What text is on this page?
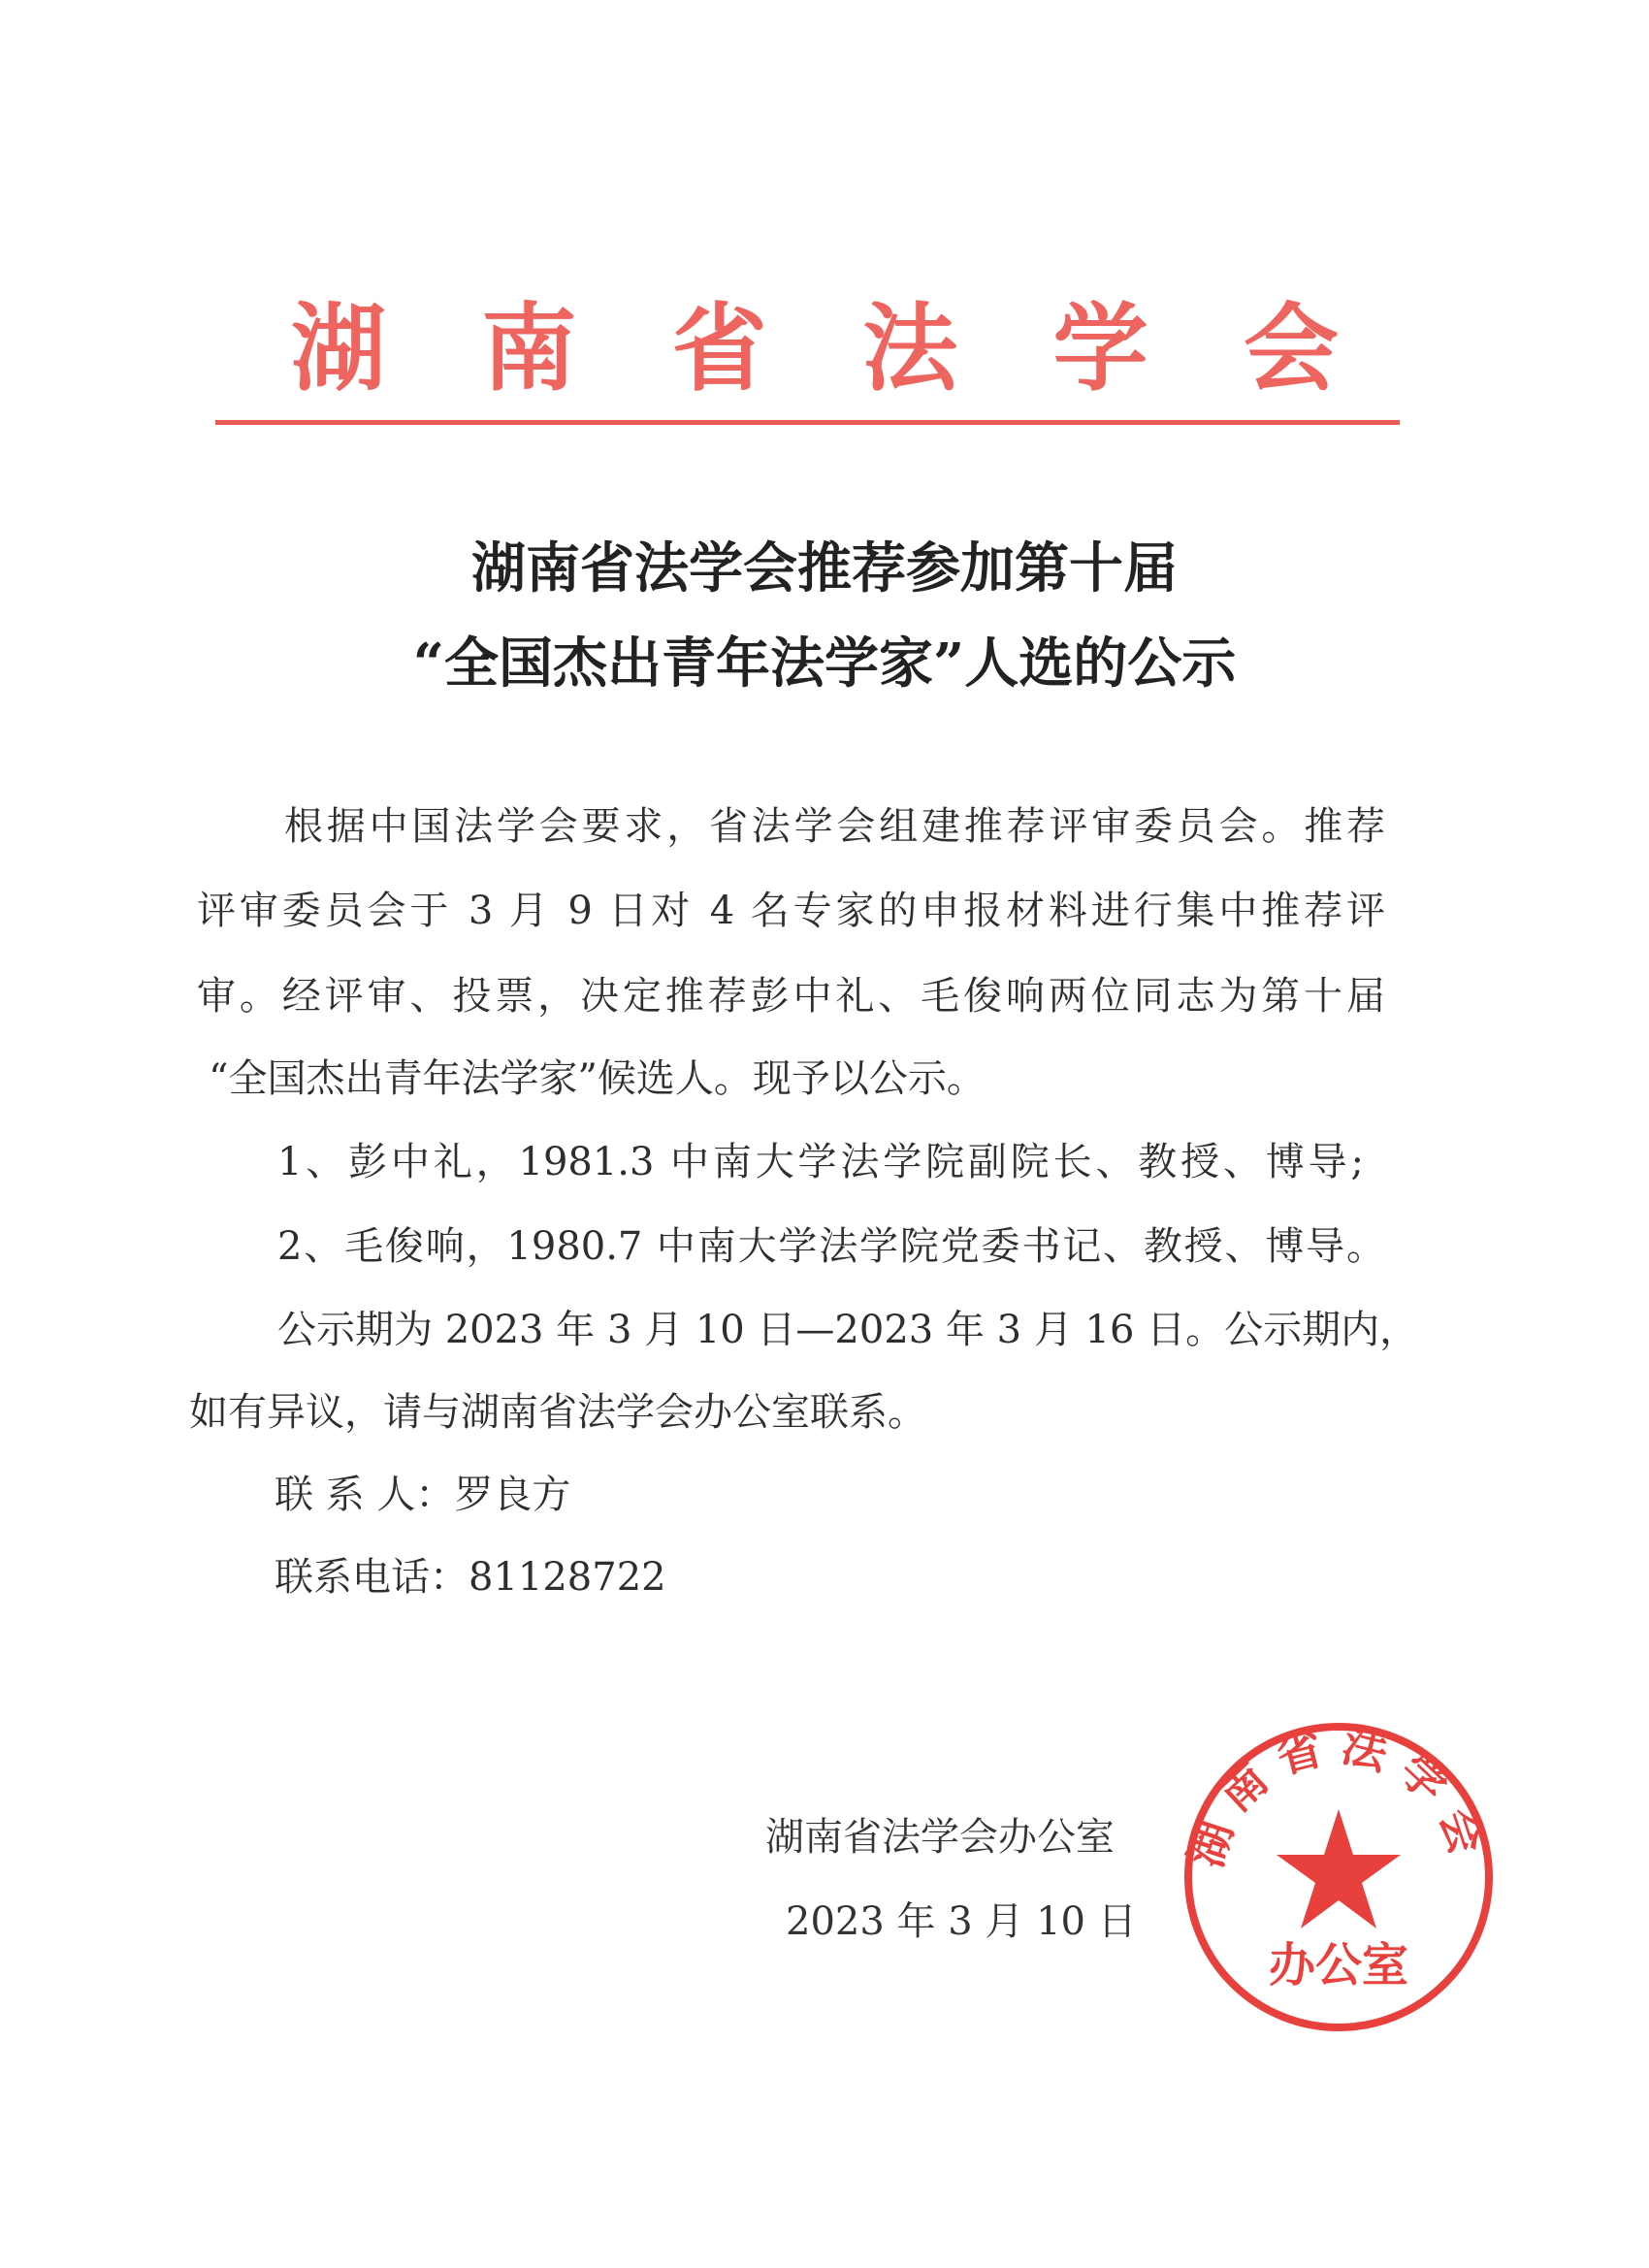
湖 南 省 法 学 会
湖南省法学会推荐参加第十届
“全国杰出青年法学家”人选的公示
根据中国法学会要求，省法学会组建推荐评审委员会。推荐
评审委员会于 3 月 9 日对 4 名专家的申报材料进行集中推荐评
审。经评审、投票，决定推荐彭中礼、毛俊响两位同志为第十届
“全国杰出青年法学家”候选人。现予以公示。
1、彭中礼，1981.3 中南大学法学院副院长、教授、博导;
2、毛俊响，1980.7 中南大学法学院党委书记、教授、博导。
公示期为 2023 年 3 月 10 日—2023 年 3 月 16 日。公示期内，
如有异议，请与湖南省法学会办公室联系。
联 系 人：罗良方
联系电话：81128722
湖南省法学会办公室
2023 年 3 月 10 日
湖南省法学会
办公室
